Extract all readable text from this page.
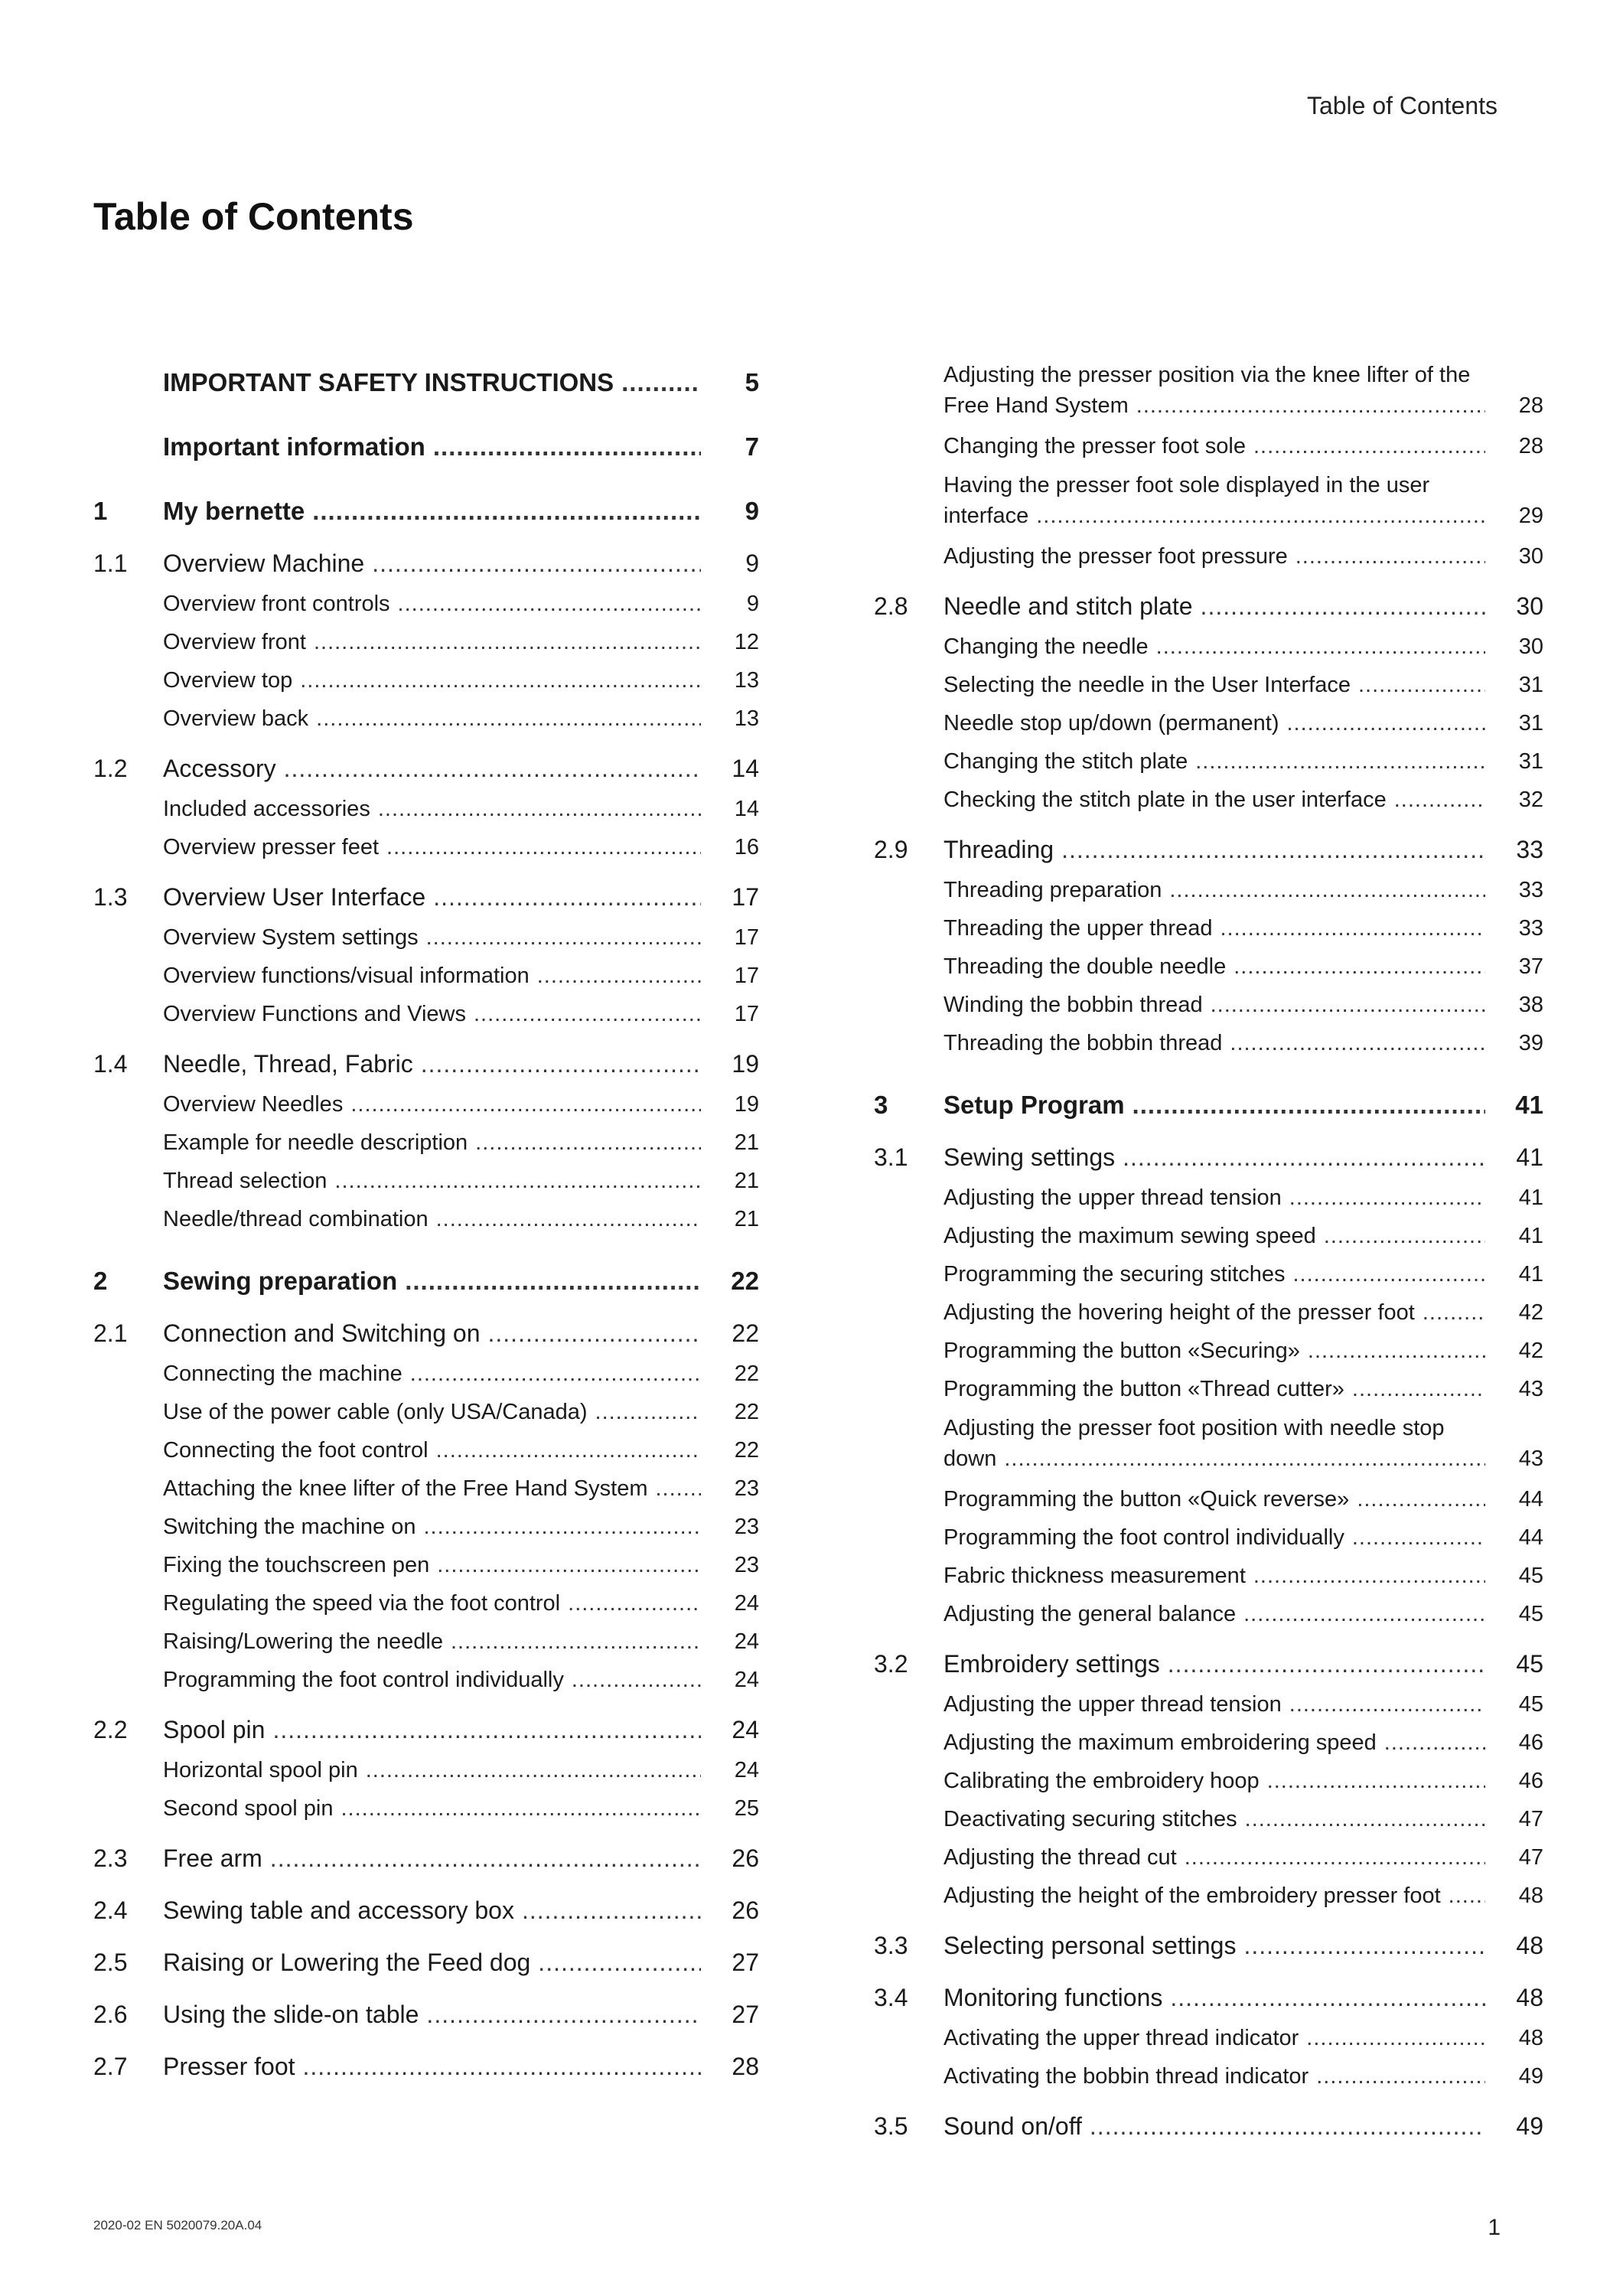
Table of Contents
Table of Contents
IMPORTANT SAFETY INSTRUCTIONS .....	5
Important information .....	7
1 My bernette .....	9
1.1 Overview Machine .....	9
Overview front controls .....	9
Overview front .....	12
Overview top .....	13
Overview back .....	13
1.2 Accessory .....	14
Included accessories .....	14
Overview presser feet .....	16
1.3 Overview User Interface .....	17
Overview System settings .....	17
Overview functions/visual information .....	17
Overview Functions and Views .....	17
1.4 Needle, Thread, Fabric .....	19
Overview Needles .....	19
Example for needle description .....	21
Thread selection .....	21
Needle/thread combination .....	21
2 Sewing preparation .....	22
2.1 Connection and Switching on .....	22
Connecting the machine .....	22
Use of the power cable (only USA/Canada) .....	22
Connecting the foot control .....	22
Attaching the knee lifter of the Free Hand System .....	23
Switching the machine on .....	23
Fixing the touchscreen pen .....	23
Regulating the speed via the foot control .....	24
Raising/Lowering the needle .....	24
Programming the foot control individually .....	24
2.2 Spool pin .....	24
Horizontal spool pin .....	24
Second spool pin .....	25
2.3 Free arm .....	26
2.4 Sewing table and accessory box .....	26
2.5 Raising or Lowering the Feed dog .....	27
2.6 Using the slide-on table .....	27
2.7 Presser foot .....	28
Adjusting the presser position via the knee lifter of the
Free Hand System .....	28
Changing the presser foot sole .....	28
Having the presser foot sole displayed in the user
interface .....	29
Adjusting the presser foot pressure .....	30
2.8 Needle and stitch plate .....	30
Changing the needle .....	30
Selecting the needle in the User Interface .....	31
Needle stop up/down (permanent) .....	31
Changing the stitch plate .....	31
Checking the stitch plate in the user interface .....	32
2.9 Threading .....	33
Threading preparation .....	33
Threading the upper thread .....	33
Threading the double needle .....	37
Winding the bobbin thread .....	38
Threading the bobbin thread .....	39
3 Setup Program .....	41
3.1 Sewing settings .....	41
Adjusting the upper thread tension .....	41
Adjusting the maximum sewing speed .....	41
Programming the securing stitches .....	41
Adjusting the hovering height of the presser foot .....	42
Programming the button «Securing» .....	42
Programming the button «Thread cutter» .....	43
Adjusting the presser foot position with needle stop
down .....	43
Programming the button «Quick reverse» .....	44
Programming the foot control individually .....	44
Fabric thickness measurement .....	45
Adjusting the general balance .....	45
3.2 Embroidery settings .....	45
Adjusting the upper thread tension .....	45
Adjusting the maximum embroidering speed .....	46
Calibrating the embroidery hoop .....	46
Deactivating securing stitches .....	47
Adjusting the thread cut .....	47
Adjusting the height of the embroidery presser foot .....	48
3.3 Selecting personal settings .....	48
3.4 Monitoring functions .....	48
Activating the upper thread indicator .....	48
Activating the bobbin thread indicator .....	49
3.5 Sound on/off .....	49
2020-02 EN 5020079.20A.04	1
